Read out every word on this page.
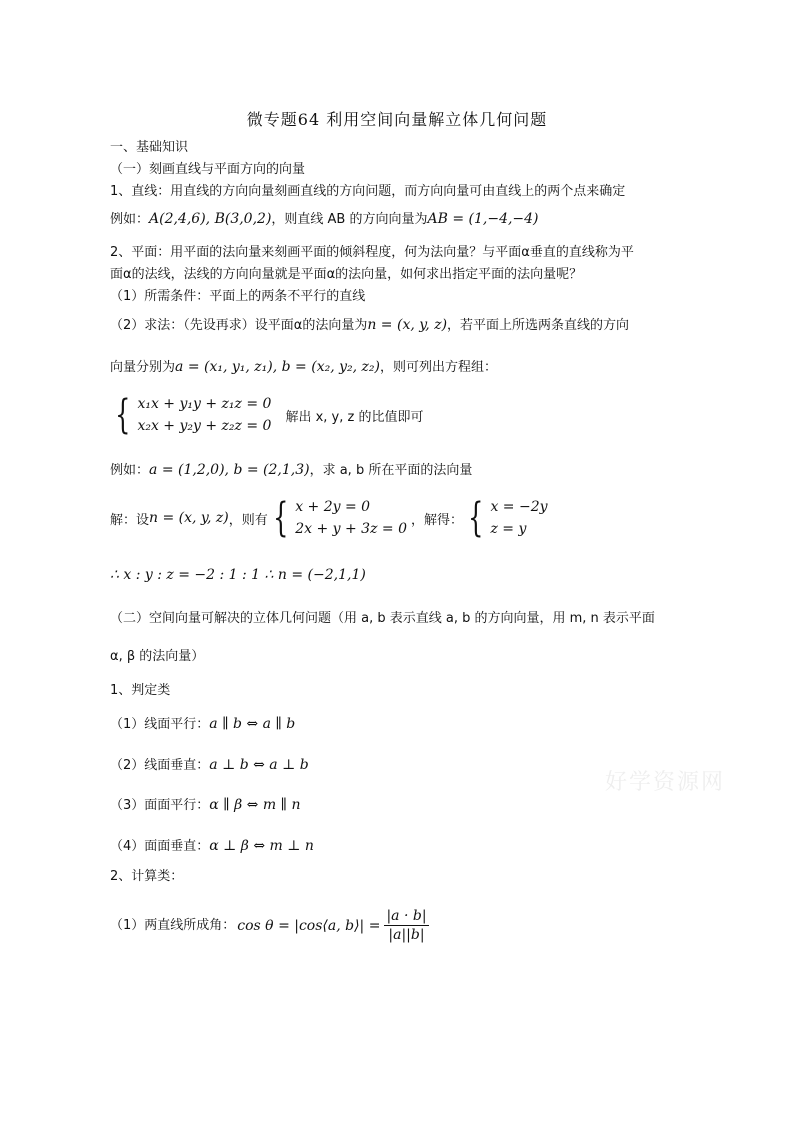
微专题64 利用空间向量解立体几何问题
一、基础知识
（一）刻画直线与平面方向的向量
1、直线：用直线的方向向量刻画直线的方向问题，而方向向量可由直线上的两个点来确定
例如：A(2,4,6), B(3,0,2)，则直线 AB 的方向向量为AB = (1,−4,−4)
2、平面：用平面的法向量来刻画平面的倾斜程度，何为法向量？与平面α垂直的直线称为平
面α的法线，法线的方向向量就是平面α的法向量，如何求出指定平面的法向量呢？
（1）所需条件：平面上的两条不平行的直线
（2）求法：（先设再求）设平面α的法向量为n = (x, y, z)，若平面上所选两条直线的方向
向量分别为a = (x₁, y₁, z₁), b = (x₂, y₂, z₂)，则可列出方程组：
{ x₁x + y₁y + z₁z = 0
x₂x + y₂y + z₂z = 0
解出 x, y, z 的比值即可
例如：a = (1,2,0), b = (2,1,3)，求 a, b 所在平面的法向量
解：设 n = (x, y, z) ，则有 { x + 2y = 0
2x + y + 3z = 0
，解得： { x = −2y
z = y
∴ x : y : z = −2 : 1 : 1 ∴ n = (−2,1,1)
（二）空间向量可解决的立体几何问题（用 a, b 表示直线 a, b 的方向向量，用 m, n 表示平面
α, β 的法向量）
1、判定类
（1）线面平行：a ∥ b ⇔ a ∥ b
（2）线面垂直：a ⊥ b ⇔ a ⊥ b
（3）面面平行：α ∥ β ⇔ m ∥ n
（4）面面垂直：α ⊥ β ⇔ m ⊥ n
2、计算类：
（1）两直线所成角： cos θ = |cos⟨a, b⟩| = $\frac{|a \cdot b|}{|a||b|}$
好学资源网
